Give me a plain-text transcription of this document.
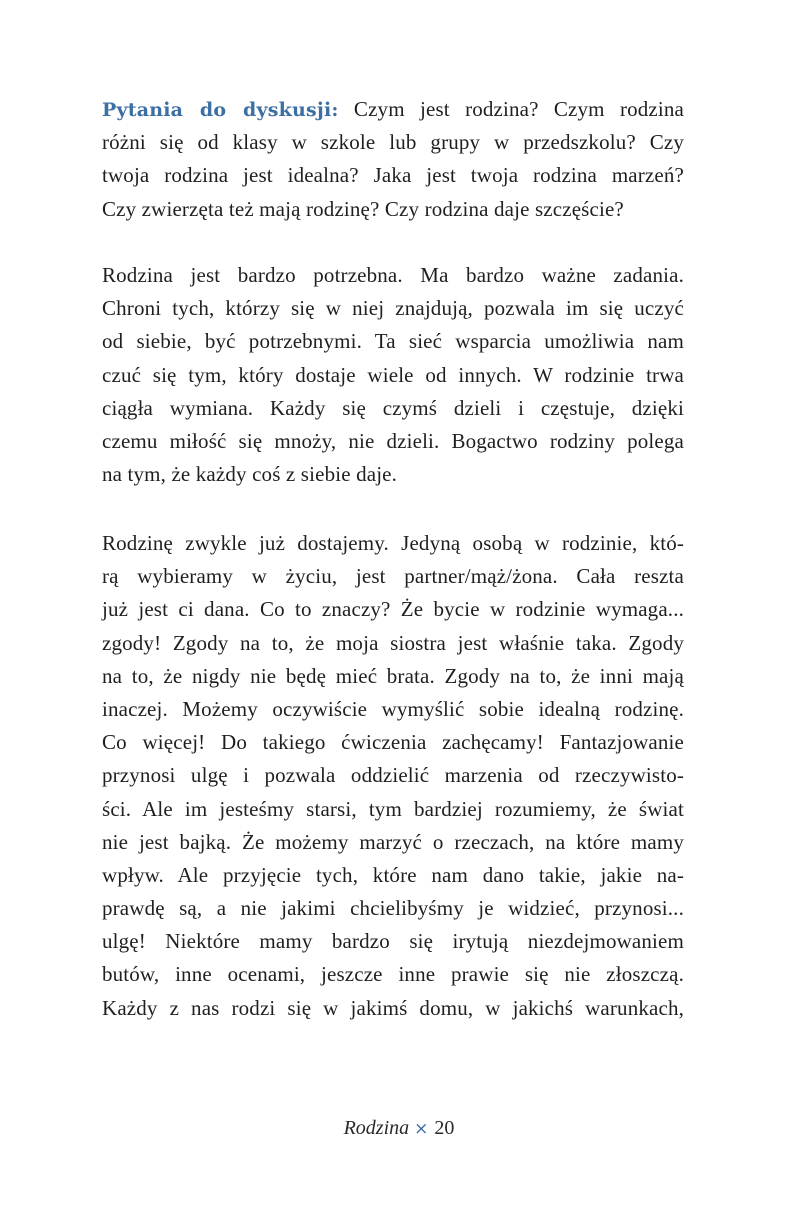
Pytania do dyskusji: Czym jest rodzina? Czym rodzina
różni się od klasy w szkole lub grupy w przedszkolu? Czy
twoja rodzina jest idealna? Jaka jest twoja rodzina marzeń?
Czy zwierzęta też mają rodzinę? Czy rodzina daje szczęście?
Rodzina jest bardzo potrzebna. Ma bardzo ważne zadania.
Chroni tych, którzy się w niej znajdują, pozwala im się uczyć
od siebie, być potrzebnymi. Ta sieć wsparcia umożliwia nam
czuć się tym, który dostaje wiele od innych. W rodzinie trwa
ciągła wymiana. Każdy się czymś dzieli i częstuje, dzięki
czemu miłość się mnoży, nie dzieli. Bogactwo rodziny polega
na tym, że każdy coś z siebie daje.
Rodzinę zwykle już dostajemy. Jedyną osobą w rodzinie, któ-
rą wybieramy w życiu, jest partner/mąż/żona. Cała reszta
już jest ci dana. Co to znaczy? Że bycie w rodzinie wymaga...
zgody! Zgody na to, że moja siostra jest właśnie taka. Zgody
na to, że nigdy nie będę mieć brata. Zgody na to, że inni mają
inaczej. Możemy oczywiście wymyślić sobie idealną rodzinę.
Co więcej! Do takiego ćwiczenia zachęcamy! Fantazjowanie
przynosi ulgę i pozwala oddzielić marzenia od rzeczywisto-
ści. Ale im jesteśmy starsi, tym bardziej rozumiemy, że świat
nie jest bajką. Że możemy marzyć o rzeczach, na które mamy
wpływ. Ale przyjęcie tych, które nam dano takie, jakie na-
prawdę są, a nie jakimi chcielibyśmy je widzieć, przynosi...
ulgę! Niektóre mamy bardzo się irytują niezdejmowaniem
butów, inne ocenami, jeszcze inne prawie się nie złoszczą.
Każdy z nas rodzi się w jakimś domu, w jakichś warunkach,
Rodzina × 20
